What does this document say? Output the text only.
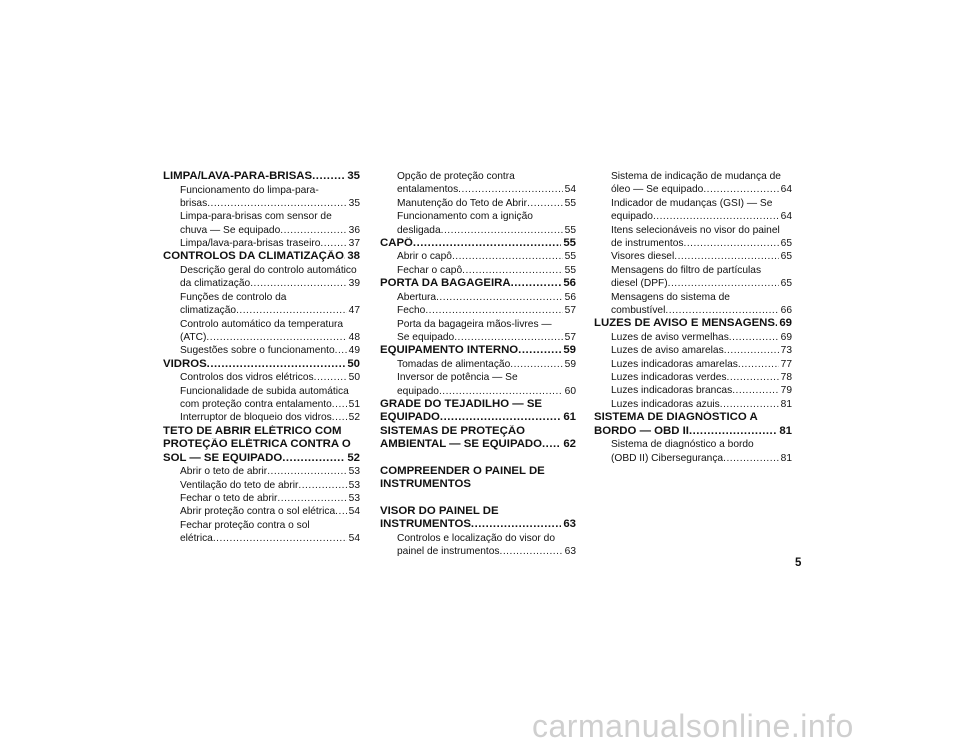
LIMPA/LAVA-PARA-BRISAS .....	35
Funcionamento do limpa-para-
brisas .....	35
Limpa-para-brisas com sensor de
chuva — Se equipado .....	36
Limpa/lava-para-brisas traseiro .....	37
CONTROLOS DA CLIMATIZAÇÃO ..... 38
Descrição geral do controlo automático
da climatização .....	39
Funções de controlo da
climatização .....	47
Controlo automático da temperatura
(ATC) .....	48
Sugestões sobre o funcionamento ..... 49
VIDROS .....	50
Controlos dos vidros elétricos .....	50
Funcionalidade de subida automática
com proteção contra entalamento ..... 51
Interruptor de bloqueio dos vidros ..... 52
TETO DE ABRIR ELÉTRICO COM
PROTEÇÃO ELÉTRICA CONTRA O
SOL — SE EQUIPADO .....	52
Abrir o teto de abrir .....	53
Ventilação do teto de abrir .....	53
Fechar o teto de abrir .....	53
Abrir proteção contra o sol elétrica ..... 54
Fechar proteção contra o sol
elétrica .....	54
Opção de proteção contra
entalamentos .....	54
Manutenção do Teto de Abrir .....	55
Funcionamento com a ignição
desligada .....	55
CAPÔ .....	55
Abrir o capô .....	55
Fechar o capô .....	55
PORTA DA BAGAGEIRA .....	56
Abertura .....	56
Fecho .....	57
Porta da bagageira mãos-livres —
Se equipado .....	57
EQUIPAMENTO INTERNO .....	59
Tomadas de alimentação .....	59
Inversor de potência — Se
equipado .....	60
GRADE DO TEJADILHO — SE
EQUIPADO .....	61
SISTEMAS DE PROTEÇÃO
AMBIENTAL — SE EQUIPADO ..... 62
COMPREENDER O PAINEL DE
INSTRUMENTOS
VISOR DO PAINEL DE
INSTRUMENTOS .....	63
Controlos e localização do visor do
painel de instrumentos .....	63
Sistema de indicação de mudança de
óleo — Se equipado .....	64
Indicador de mudanças (GSI) — Se
equipado .....	64
Itens selecionáveis no visor do painel
de instrumentos .....	65
Visores diesel .....	65
Mensagens do filtro de partículas
diesel (DPF) .....	65
Mensagens do sistema de
combustível .....	66
LUZES DE AVISO E MENSAGENS ..... 69
Luzes de aviso vermelhas .....	69
Luzes de aviso amarelas .....	73
Luzes indicadoras amarelas .....	77
Luzes indicadoras verdes .....	78
Luzes indicadoras brancas .....	79
Luzes indicadoras azuis .....	81
SISTEMA DE DIAGNÓSTICO A
BORDO — OBD II .....	81
Sistema de diagnóstico a bordo
(OBD II) Cibersegurança .....	81
5
carmanualsonline.info
